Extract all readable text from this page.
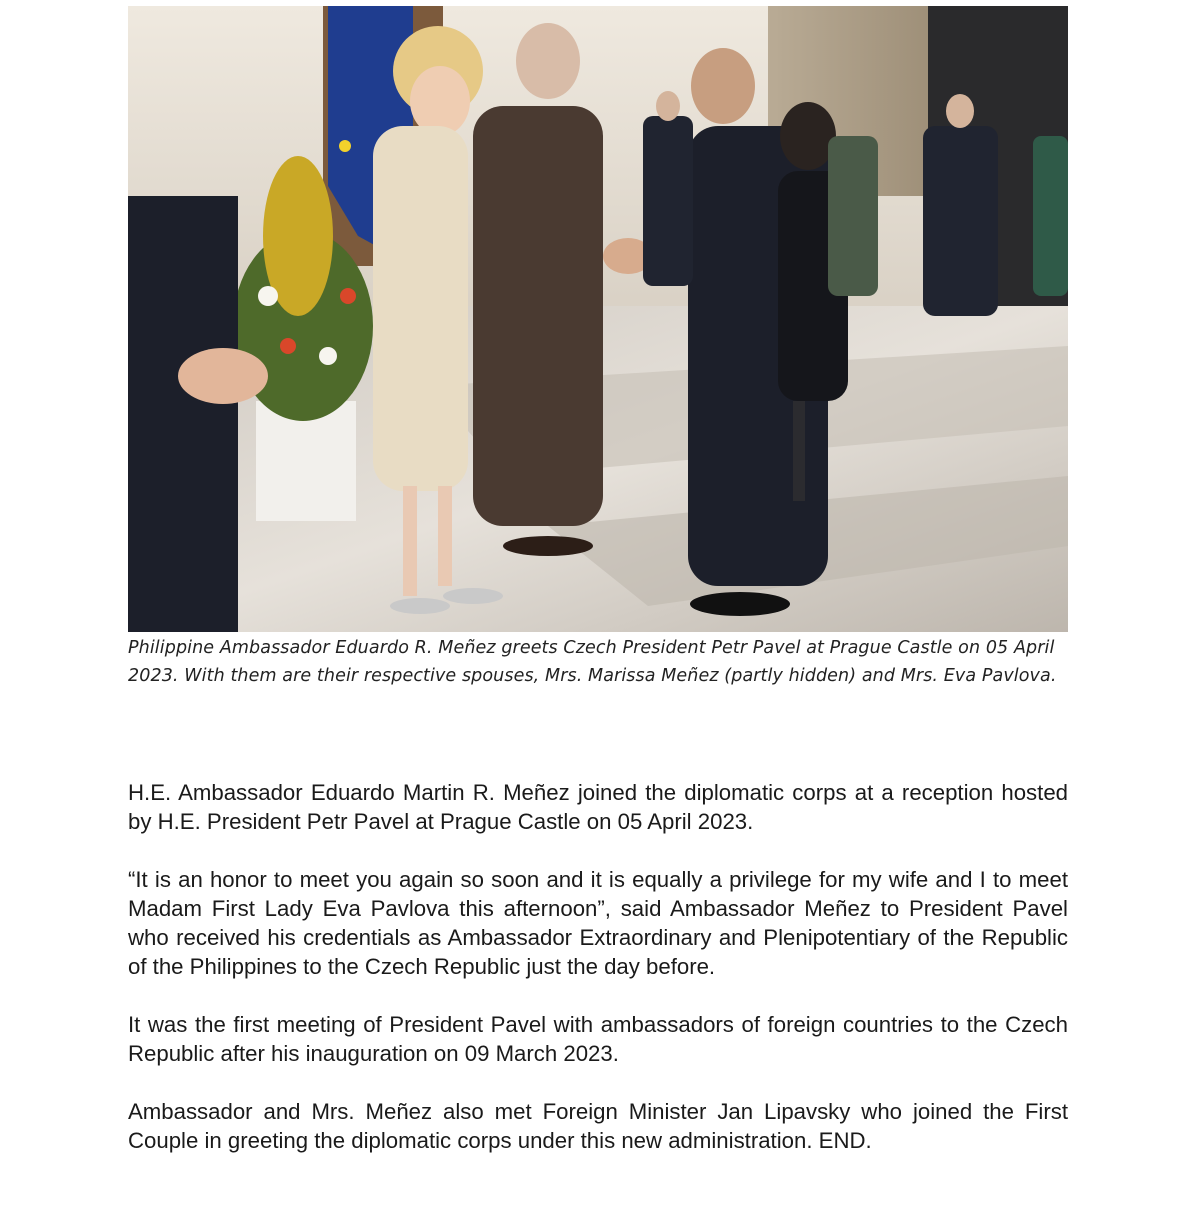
Philippine Ambassador Eduardo R. Meñez greets Czech President Petr Pavel at Prague Castle on 05 April 2023. With them are their respective spouses, Mrs. Marissa Meñez (partly hidden) and Mrs. Eva Pavlova.

H.E. Ambassador Eduardo Martin R. Meñez joined the diplomatic corps at a reception hosted by H.E. President Petr Pavel at Prague Castle on 05 April 2023.

“It is an honor to meet you again so soon and it is equally a privilege for my wife and I to meet Madam First Lady Eva Pavlova this afternoon”, said Ambassador Meñez to President Pavel who received his credentials as Ambassador Extraordinary and Plenipotentiary of the Republic of the Philippines to the Czech Republic just the day before.

It was the first meeting of President Pavel with ambassadors of foreign countries to the Czech Republic after his inauguration on 09 March 2023.

Ambassador and Mrs. Meñez also met Foreign Minister Jan Lipavsky who joined the First Couple in greeting the diplomatic corps under this new administration. END.
